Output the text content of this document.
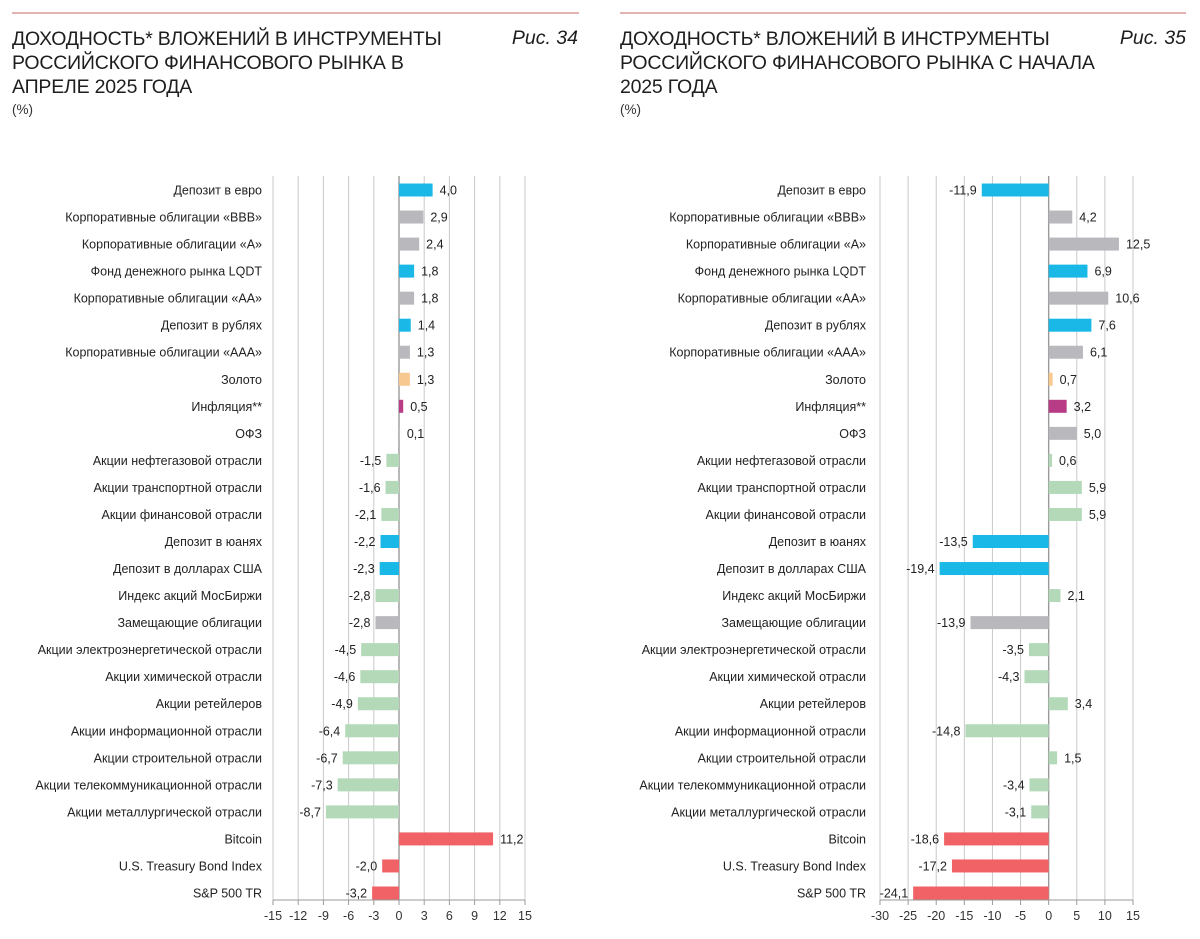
ДОХОДНОСТЬ* ВЛОЖЕНИЙ В ИНСТРУМЕНТЫ РОССИЙСКОГО ФИНАНСОВОГО РЫНКА В АПРЕЛЕ 2025 ГОДА
Рис. 34
(%)
-15 -12 -9 -6 -3 0 3 6 9 12 15
Депозит в евро	4,0
Корпоративные облигации «BBB»	2,9
Корпоративные облигации «A»	2,4
Фонд денежного рынка LQDT	1,8
Корпоративные облигации «AA»	1,8
Депозит в рублях	1,4
Корпоративные облигации «AAA»	1,3
Золото	1,3
Инфляция**	0,5
ОФЗ	0,1
Акции нефтегазовой отрасли	-1,5
Акции транспортной отрасли	-1,6
Акции финансовой отрасли	-2,1
Депозит в юанях	-2,2
Депозит в долларах США	-2,3
Индекс акций МосБиржи	-2,8
Замещающие облигации	-2,8
Акции электроэнергетической отрасли	-4,5
Акции химической отрасли	-4,6
Акции ретейлеров	-4,9
Акции информационной отрасли	-6,4
Акции строительной отрасли	-6,7
Акции телекоммуникационной отрасли	-7,3
Акции металлургической отрасли	-8,7
Bitcoin	11,2
U.S. Treasury Bond Index	-2,0
S&P 500 TR	-3,2
ДОХОДНОСТЬ* ВЛОЖЕНИЙ В ИНСТРУМЕНТЫ РОССИЙСКОГО ФИНАНСОВОГО РЫНКА С НАЧАЛА 2025 ГОДА
Рис. 35
(%)
-30 -25 -20 -15 -10 -5 0 5 10 15
Депозит в евро	-11,9
Корпоративные облигации «BBB»	4,2
Корпоративные облигации «A»	12,5
Фонд денежного рынка LQDT	6,9
Корпоративные облигации «AA»	10,6
Депозит в рублях	7,6
Корпоративные облигации «AAA»	6,1
Золото	0,7
Инфляция**	3,2
ОФЗ	5,0
Акции нефтегазовой отрасли	0,6
Акции транспортной отрасли	5,9
Акции финансовой отрасли	5,9
Депозит в юанях	-13,5
Депозит в долларах США	-19,4
Индекс акций МосБиржи	2,1
Замещающие облигации	-13,9
Акции электроэнергетической отрасли	-3,5
Акции химической отрасли	-4,3
Акции ретейлеров	3,4
Акции информационной отрасли	-14,8
Акции строительной отрасли	1,5
Акции телекоммуникационной отрасли	-3,4
Акции металлургической отрасли	-3,1
Bitcoin	-18,6
U.S. Treasury Bond Index	-17,2
S&P 500 TR -24,1
